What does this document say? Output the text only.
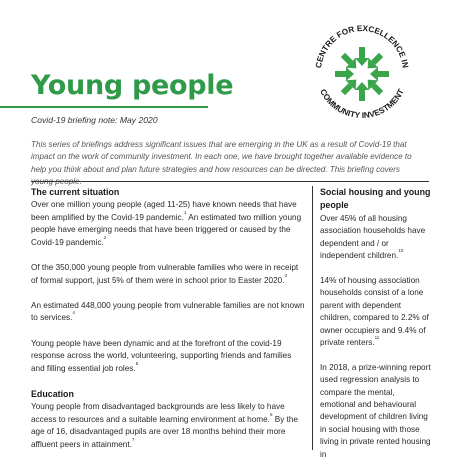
Young people
Covid-19 briefing note: May 2020
This series of briefings address significant issues that are emerging in the UK as a result of Covid-19 that impact on the work of community investment. In each one, we have brought together available evidence to help you think about and plan future strategies and how resources can be directed. This briefing covers
CENTRE FOR EXCELLENCE IN
COMMUNITY INVESTMENT
The current situation

Over one million young people (aged 11-25) have known needs that have been amplified by the Covid-19 pandemic.$^1$ An estimated two million young people have emerging needs that have been triggered or caused by the Covid-19 pandemic.$^2$

Of the 350,000 young people from vulnerable families who were in receipt of formal support, just 5% of them were in school prior to Easter 2020.$^3$

An estimated 448,000 young people from vulnerable families are not known to services.$^4$

Young people have been dynamic and at the forefront of the covid-19 response across the world, volunteering, supporting friends and families and filling essential job roles.$^5$

Education

Young people from disadvantaged backgrounds are less likely to have access to resources and a suitable learning environment at home.$^6$ By the age of 16, disadvantaged pupils are over 18 months behind their more affluent peers in attainment.$^7$

Social housing and young people

Over 45% of all housing association households have dependent and / or independent children.$^{10}$

14% of housing association households consist of a lone parent with dependent children, compared to 2.2% of owner occupiers and 9.4% of private renters.$^{11}$

In 2018, a prize-winning report used regression analysis to compare the mental, emotional and behavioural development of children living in social housing with those living in private rented housing in
